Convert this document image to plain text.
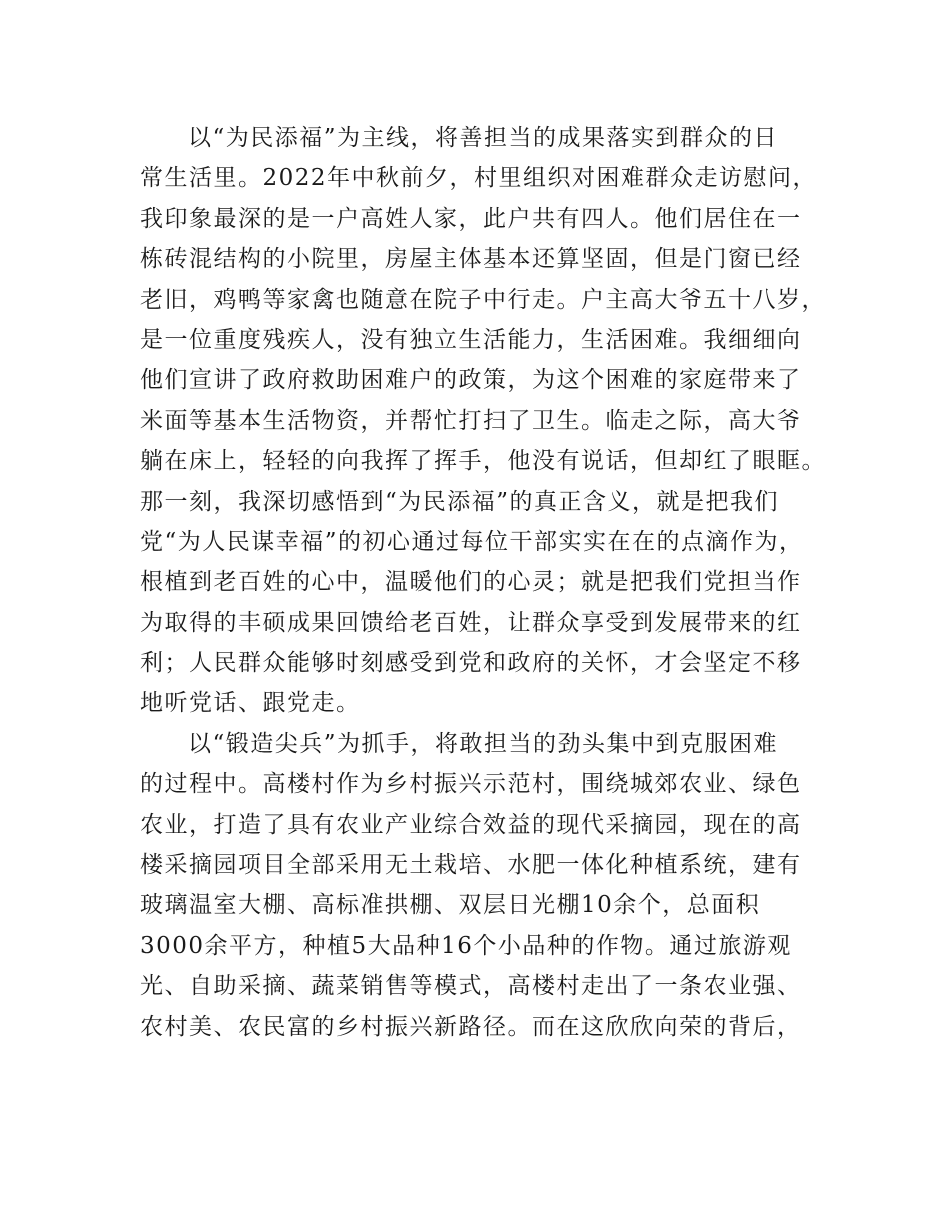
以“为民添福”为主线，将善担当的成果落实到群众的日
常生活里。2022年中秋前夕，村里组织对困难群众走访慰问，
我印象最深的是一户高姓人家，此户共有四人。他们居住在一
栋砖混结构的小院里，房屋主体基本还算坚固，但是门窗已经
老旧，鸡鸭等家禽也随意在院子中行走。户主高大爷五十八岁，
是一位重度残疾人，没有独立生活能力，生活困难。我细细向
他们宣讲了政府救助困难户的政策，为这个困难的家庭带来了
米面等基本生活物资，并帮忙打扫了卫生。临走之际，高大爷
躺在床上，轻轻的向我挥了挥手，他没有说话，但却红了眼眶。
那一刻，我深切感悟到“为民添福”的真正含义，就是把我们
党“为人民谋幸福”的初心通过每位干部实实在在的点滴作为，
根植到老百姓的心中，温暖他们的心灵；就是把我们党担当作
为取得的丰硕成果回馈给老百姓，让群众享受到发展带来的红
利；人民群众能够时刻感受到党和政府的关怀，才会坚定不移
地听党话、跟党走。
以“锻造尖兵”为抓手，将敢担当的劲头集中到克服困难
的过程中。高楼村作为乡村振兴示范村，围绕城郊农业、绿色
农业，打造了具有农业产业综合效益的现代采摘园，现在的高
楼采摘园项目全部采用无土栽培、水肥一体化种植系统，建有
玻璃温室大棚、高标准拱棚、双层日光棚10余个，总面积
3000余平方，种植5大品种16个小品种的作物。通过旅游观
光、自助采摘、蔬菜销售等模式，高楼村走出了一条农业强、
农村美、农民富的乡村振兴新路径。而在这欣欣向荣的背后，
